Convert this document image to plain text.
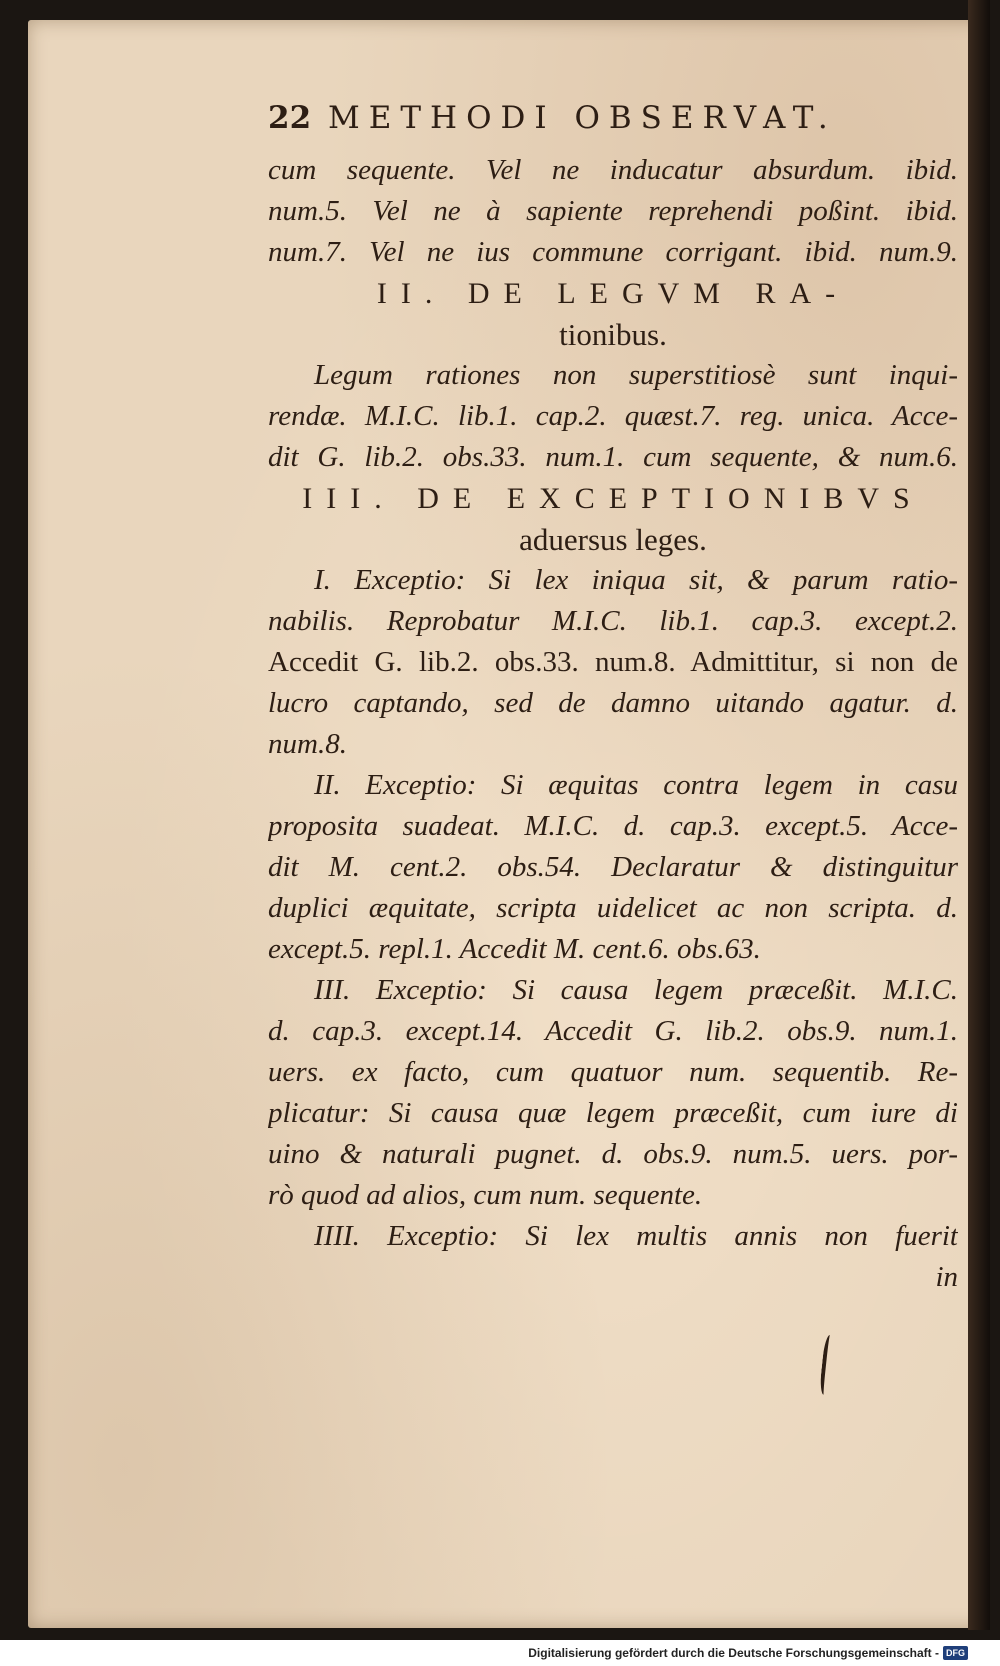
22 METHODI OBSERVAT.
cum sequente. Vel ne inducatur absurdum. ibid.
num.5. Vel ne à sapiente reprehendi poßint. ibid.
num.7. Vel ne ius commune corrigant. ibid. num.9.
II. DE LEGVM RA-
tionibus.
Legum rationes non superstitiosè sunt inqui-
rendæ. M.I.C. lib.1. cap.2. quæst.7. reg. unica. Acce-
dit G. lib.2. obs.33. num.1. cum sequente, & num.6.
III. DE EXCEPTIONIBVS
aduersus leges.
I. Exceptio: Si lex iniqua sit, & parum ratio-
nabilis. Reprobatur M.I.C. lib.1. cap.3. except.2.
Accedit G. lib.2. obs.33. num.8. Admittitur, si non de
lucro captando, sed de damno uitando agatur. d.
num.8.
II. Exceptio: Si æquitas contra legem in casu
proposita suadeat. M.I.C. d. cap.3. except.5. Acce-
dit M. cent.2. obs.54. Declaratur & distinguitur
duplici æquitate, scripta uidelicet ac non scripta. d.
except.5. repl.1. Accedit M. cent.6. obs.63.
III. Exceptio: Si causa legem præceßit. M.I.C.
d. cap.3. except.14. Accedit G. lib.2. obs.9. num.1.
uers. ex facto, cum quatuor num. sequentib. Re-
plicatur: Si causa quæ legem præceßit, cum iure di
uino & naturali pugnet. d. obs.9. num.5. uers. por-
rò quod ad alios, cum num. sequente.
IIII. Exceptio: Si lex multis annis non fuerit
in
Digitalisierung gefördert durch die Deutsche Forschungsgemeinschaft - DFG
